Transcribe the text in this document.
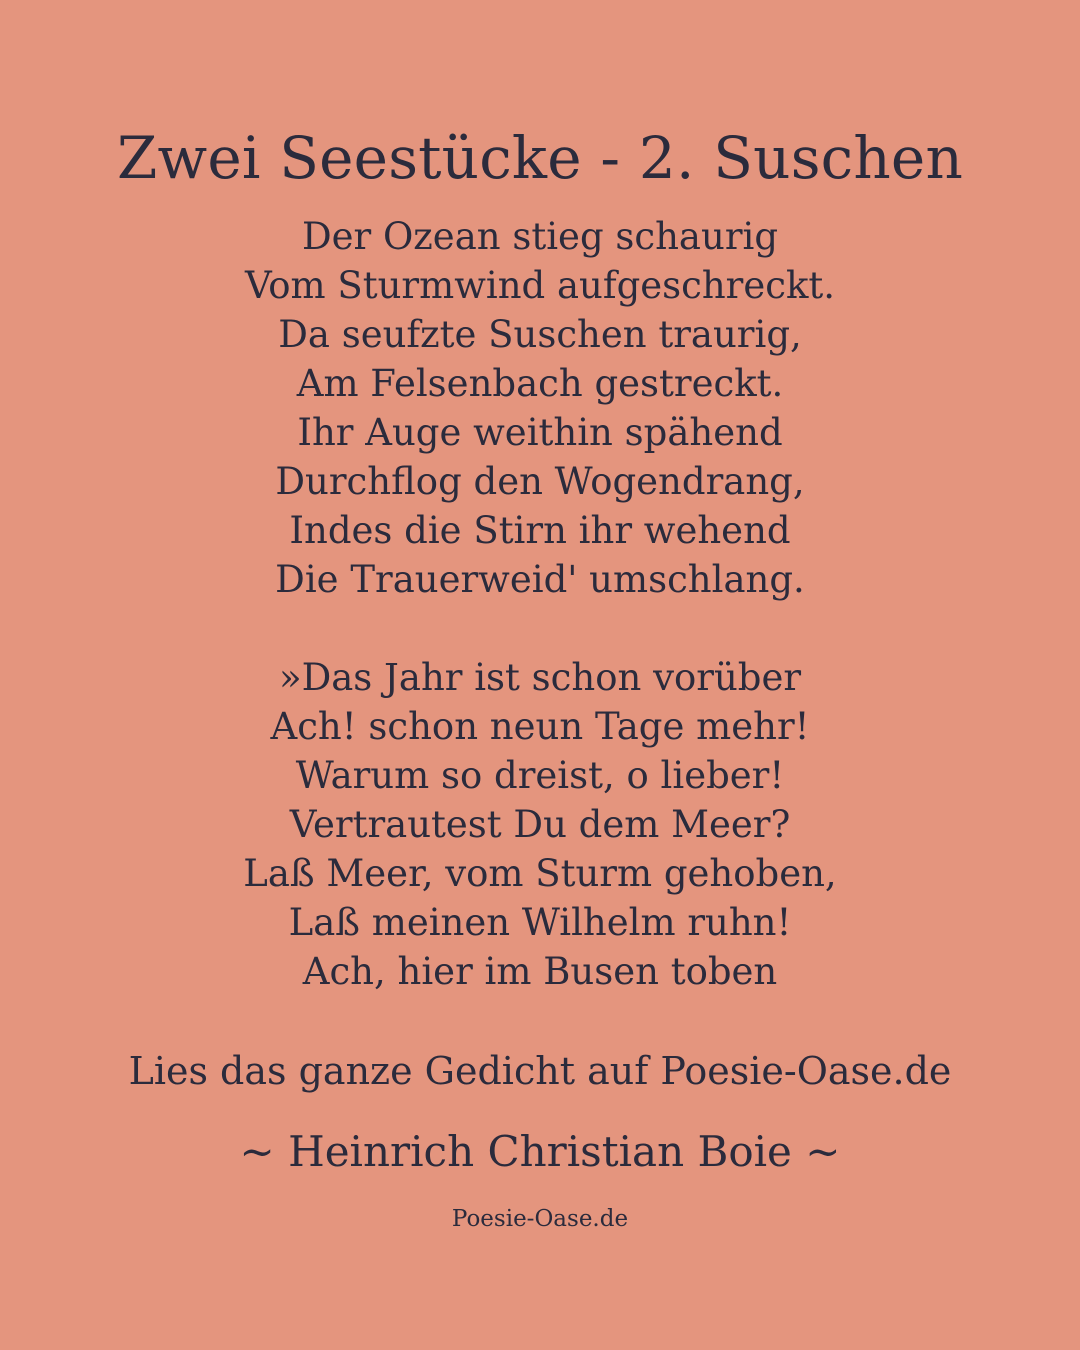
Zwei Seestücke - 2. Suschen
Der Ozean stieg schaurig
Vom Sturmwind aufgeschreckt.
Da seufzte Suschen traurig,
Am Felsenbach gestreckt.
Ihr Auge weithin spähend
Durchflog den Wogendrang,
Indes die Stirn ihr wehend
Die Trauerweid' umschlang.
»Das Jahr ist schon vorüber
Ach! schon neun Tage mehr!
Warum so dreist, o lieber!
Vertrautest Du dem Meer?
Laß Meer, vom Sturm gehoben,
Laß meinen Wilhelm ruhn!
Ach, hier im Busen toben
Lies das ganze Gedicht auf Poesie-Oase.de
~ Heinrich Christian Boie ~
Poesie-Oase.de
